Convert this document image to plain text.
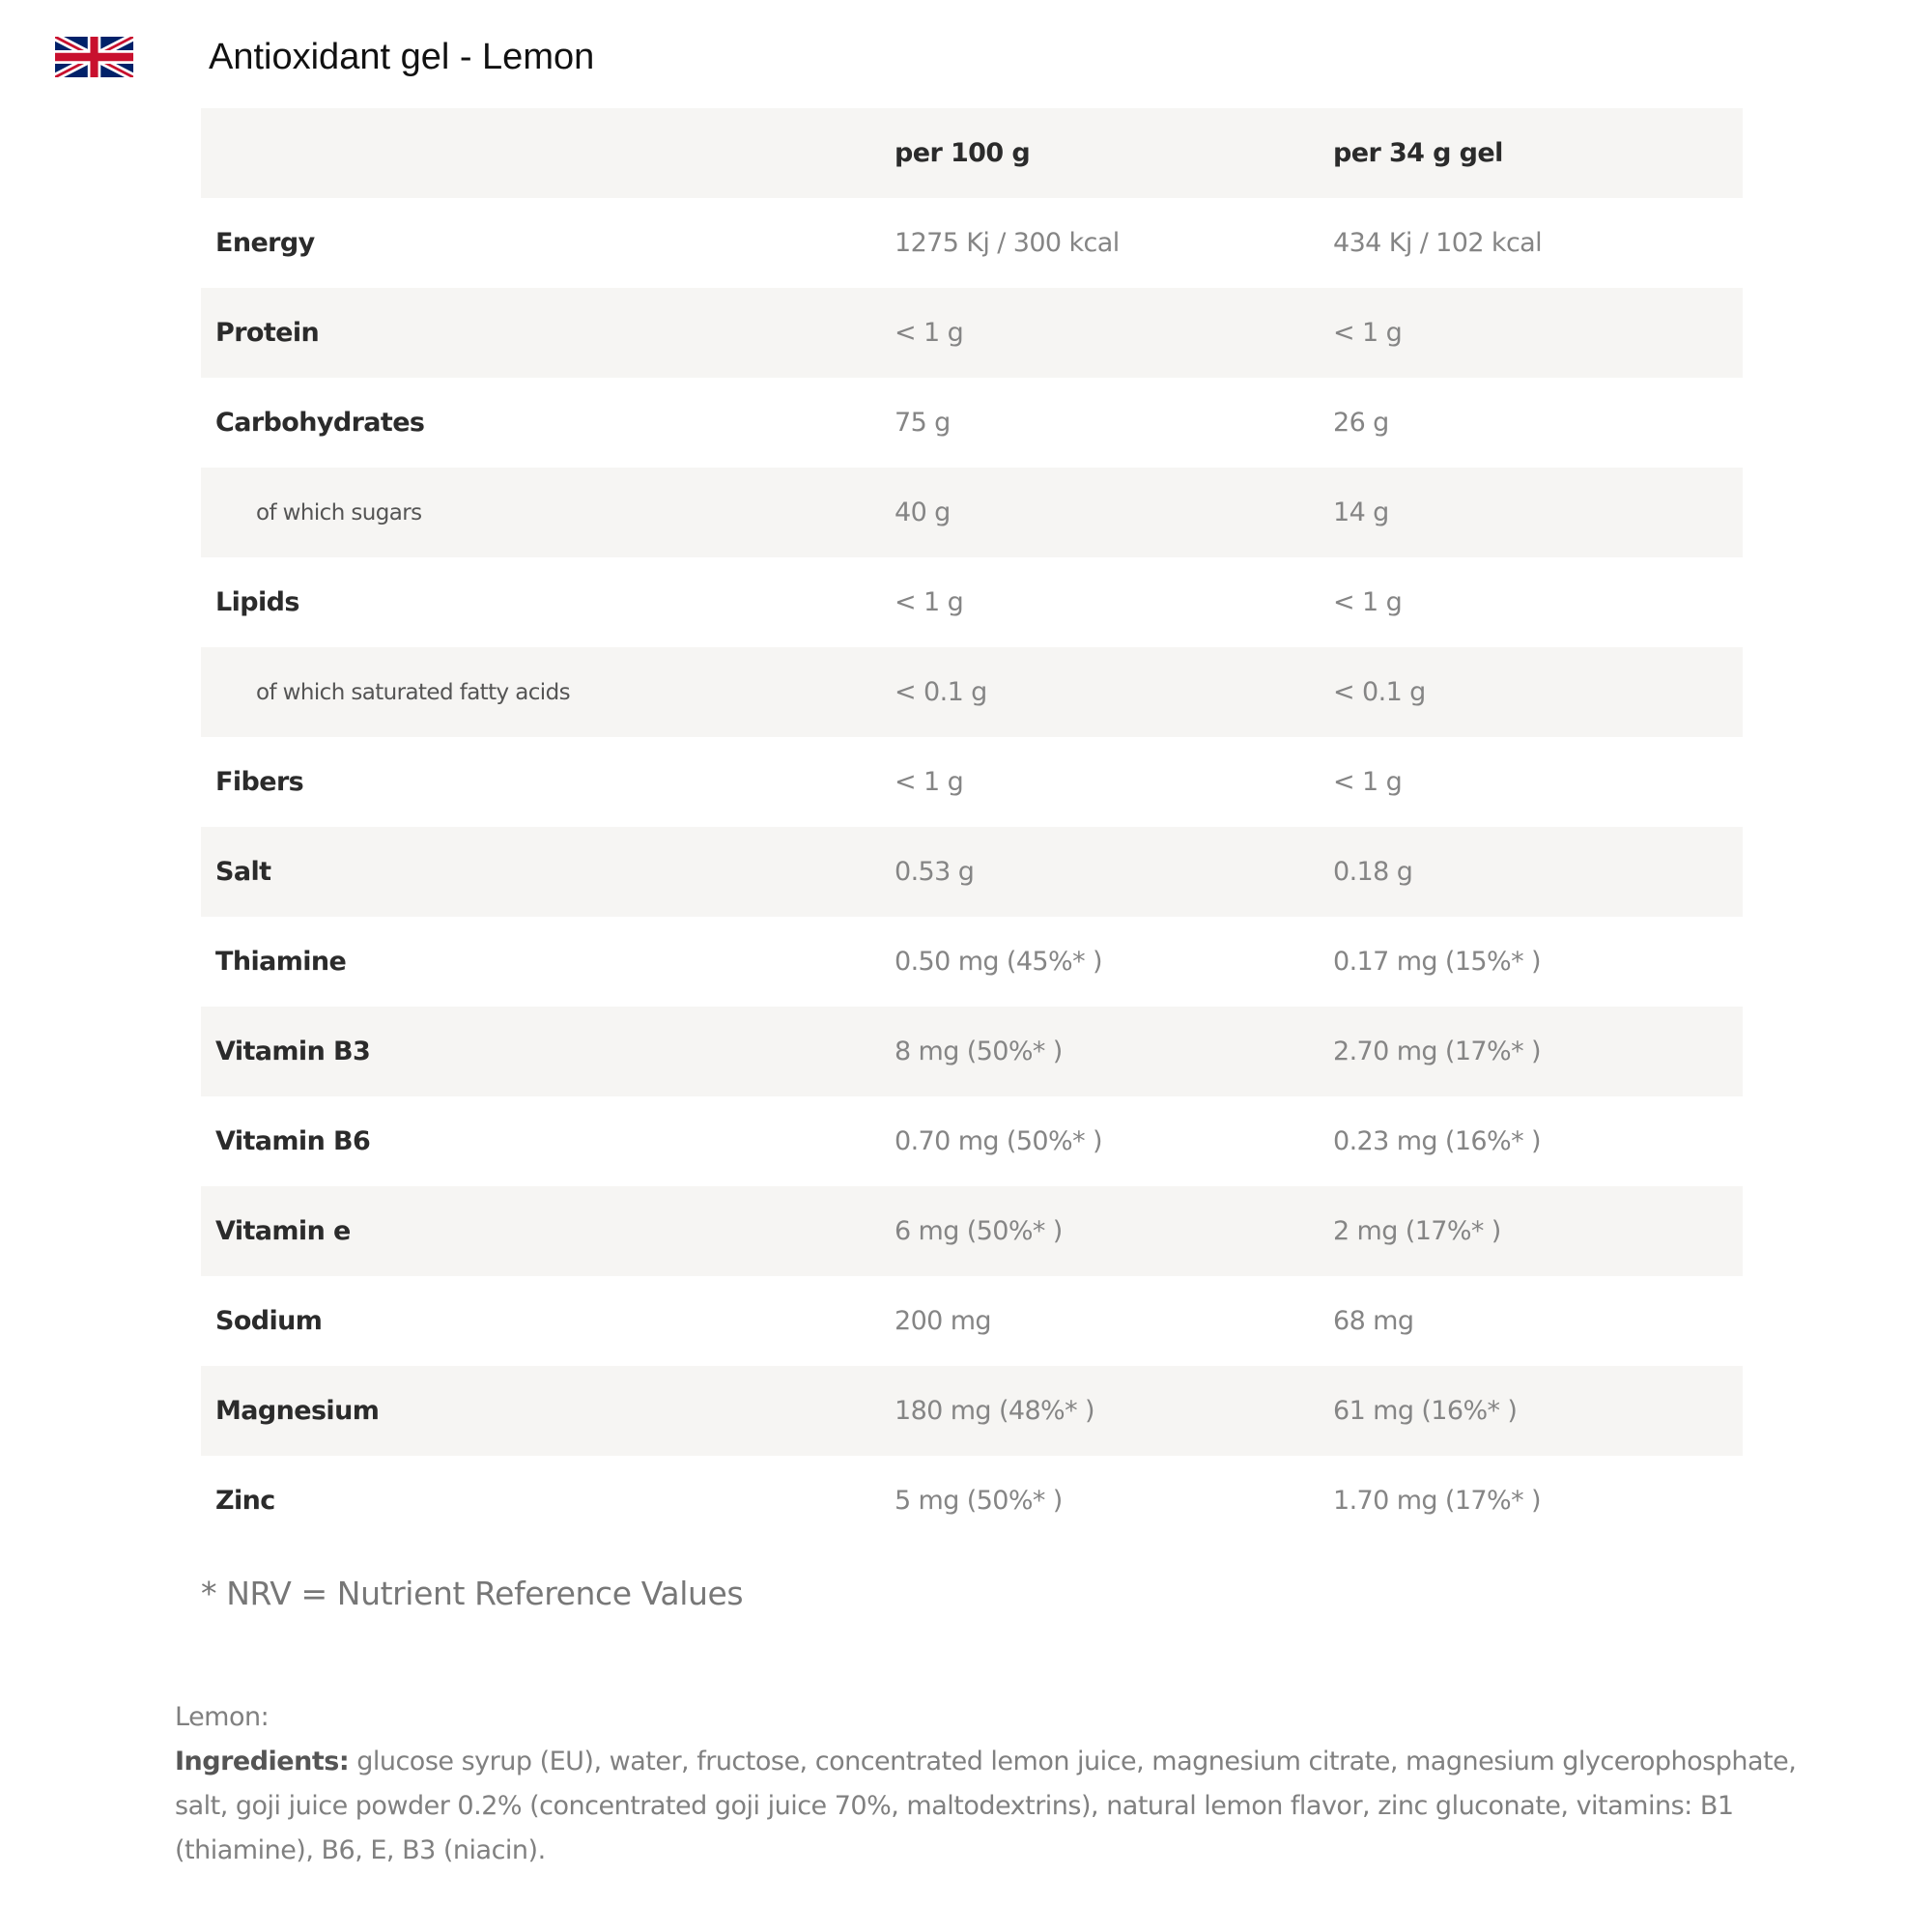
Antioxidant gel - Lemon
	per 100 g	per 34 g gel
Energy	1275 Kj / 300 kcal	434 Kj / 102 kcal
Protein	< 1 g	< 1 g
Carbohydrates	75 g	26 g
of which sugars	40 g	14 g
Lipids	< 1 g	< 1 g
of which saturated fatty acids	< 0.1 g	< 0.1 g
Fibers	< 1 g	< 1 g
Salt	0.53 g	0.18 g
Thiamine	0.50 mg (45%* )	0.17 mg (15%* )
Vitamin B3	8 mg (50%* )	2.70 mg (17%* )
Vitamin B6	0.70 mg (50%* )	0.23 mg (16%* )
Vitamin e	6 mg (50%* )	2 mg (17%* )
Sodium	200 mg	68 mg
Magnesium	180 mg (48%* )	61 mg (16%* )
Zinc	5 mg (50%* )	1.70 mg (17%* )
* NRV = Nutrient Reference Values
Lemon:
Ingredients: glucose syrup (EU), water, fructose, concentrated lemon juice, magnesium citrate, magnesium glycerophosphate, salt, goji juice powder 0.2% (concentrated goji juice 70%, maltodextrins), natural lemon flavor, zinc gluconate, vitamins: B1 (thiamine), B6, E, B3 (niacin).
